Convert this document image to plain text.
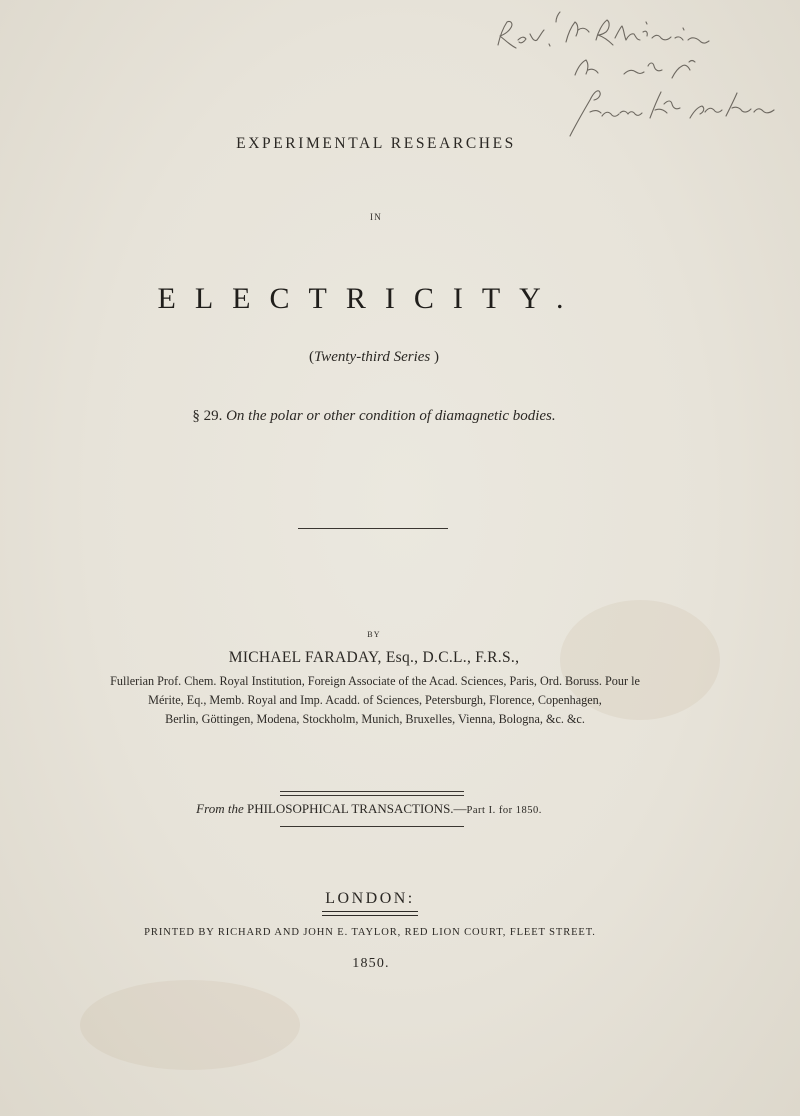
EXPERIMENTAL RESEARCHES
IN
ELECTRICITY.
(Twenty-third Series )
§ 29. On the polar or other condition of diamagnetic bodies.
BY
MICHAEL FARADAY, Esq., D.C.L., F.R.S.,
Fullerian Prof. Chem. Royal Institution, Foreign Associate of the Acad. Sciences, Paris, Ord. Boruss. Pour le
Mérite, Eq., Memb. Royal and Imp. Acadd. of Sciences, Petersburgh, Florence, Copenhagen,
Berlin, Göttingen, Modena, Stockholm, Munich, Bruxelles, Vienna, Bologna, &c. &c.
From the PHILOSOPHICAL TRANSACTIONS.—Part I. for 1850.
LONDON:
PRINTED BY RICHARD AND JOHN E. TAYLOR, RED LION COURT, FLEET STREET.
1850.
